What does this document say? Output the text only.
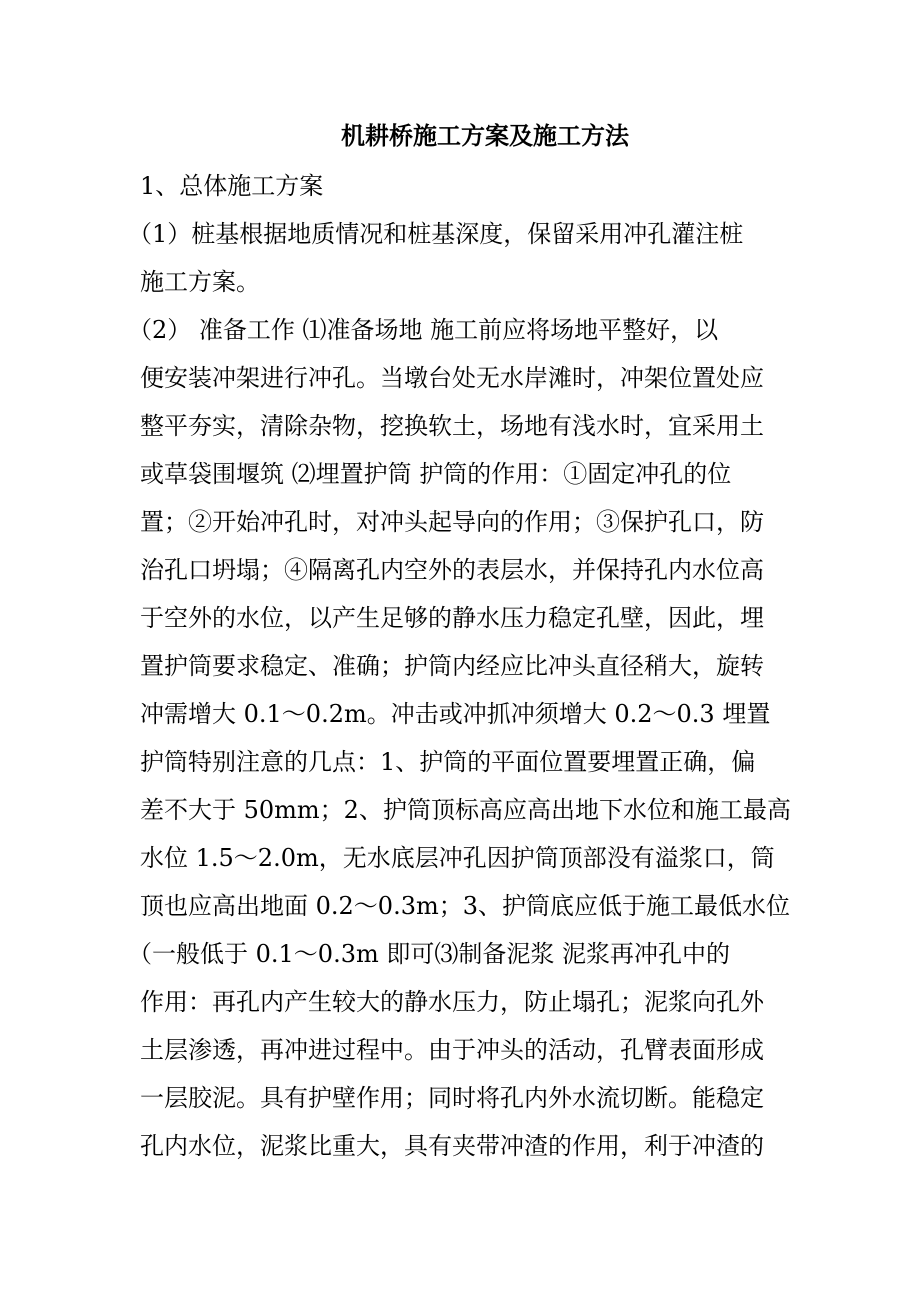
机耕桥施工方案及施工方法

1、总体施工方案

（1）桩基根据地质情况和桩基深度，保留采用冲孔灌注桩

施工方案。

（2） 准备工作 ⑴准备场地 施工前应将场地平整好，以

便安装冲架进行冲孔。当墩台处无水岸滩时，冲架位置处应

整平夯实，清除杂物，挖换软土，场地有浅水时，宜采用土

或草袋围堰筑 ⑵埋置护筒 护筒的作用：①固定冲孔的位

置；②开始冲孔时，对冲头起导向的作用；③保护孔口，防

治孔口坍塌；④隔离孔内空外的表层水，并保持孔内水位高

于空外的水位，以产生足够的静水压力稳定孔壁，因此，埋

置护筒要求稳定、准确；护筒内经应比冲头直径稍大，旋转

冲需增大 0.1～0.2m。冲击或冲抓冲须增大 0.2～0.3 埋置

护筒特别注意的几点：1、护筒的平面位置要埋置正确，偏

差不大于 50mm；2、护筒顶标高应高出地下水位和施工最高

水位 1.5～2.0m，无水底层冲孔因护筒顶部没有溢浆口，筒

顶也应高出地面 0.2～0.3m；3、护筒底应低于施工最低水位

（一般低于 0.1～0.3m 即可⑶制备泥浆 泥浆再冲孔中的

作用：再孔内产生较大的静水压力，防止塌孔；泥浆向孔外

土层渗透，再冲进过程中。由于冲头的活动，孔臂表面形成

一层胶泥。具有护壁作用；同时将孔内外水流切断。能稳定

孔内水位，泥浆比重大，具有夹带冲渣的作用，利于冲渣的
